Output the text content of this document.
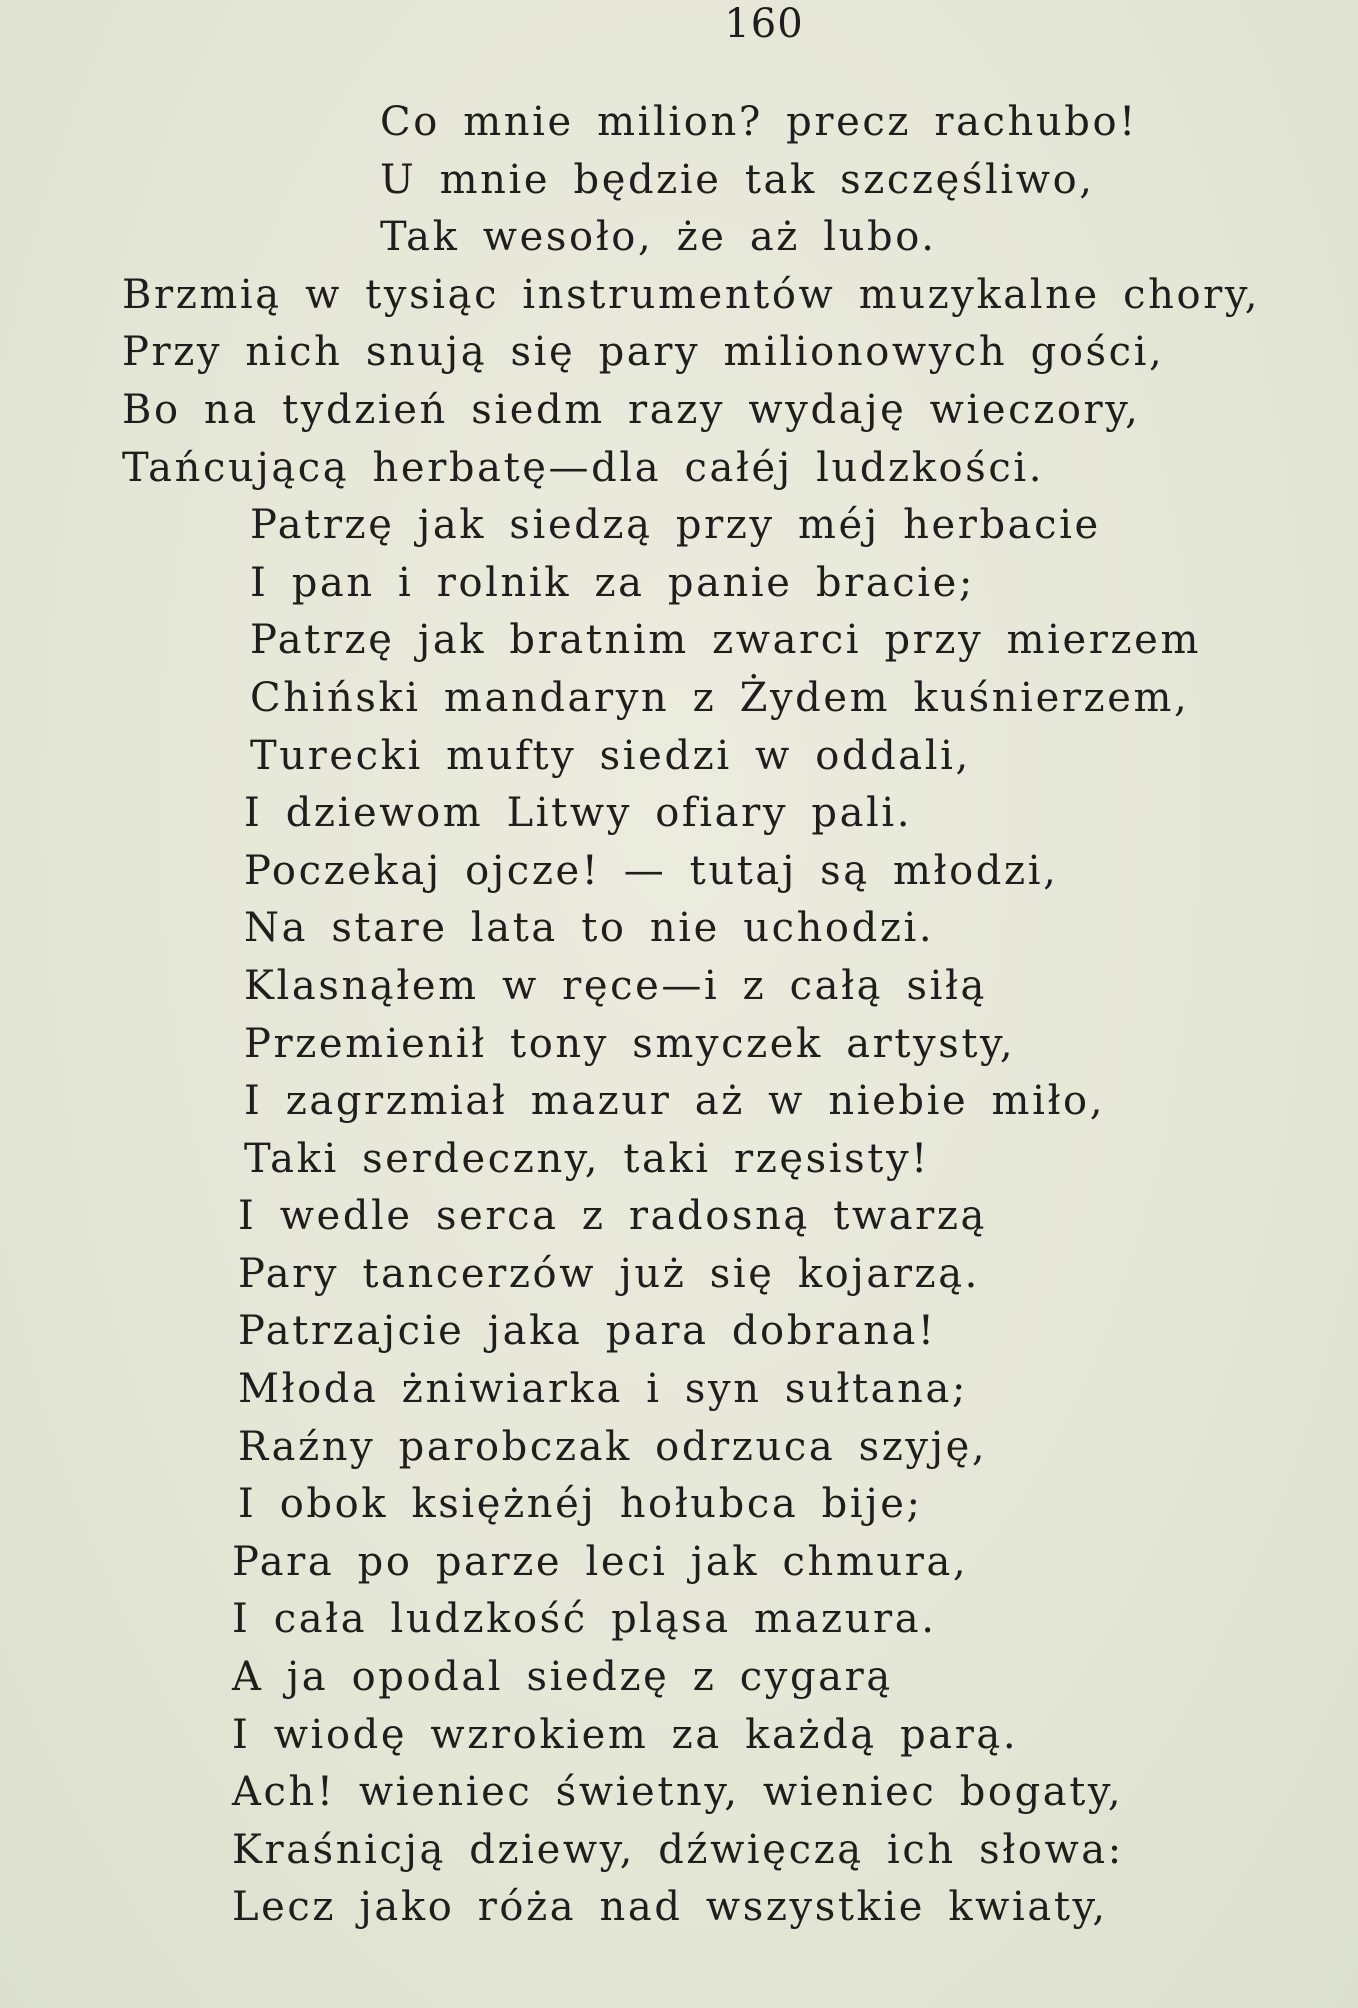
160
Co mnie milion? precz rachubo!
U mnie będzie tak szczęśliwo,
Tak wesoło, że aż lubo.
Brzmią w tysiąc instrumentów muzykalne chory,
Przy nich snują się pary milionowych gości,
Bo na tydzień siedm razy wydaję wieczory,
Tańcującą herbatę—dla całéj ludzkości.
Patrzę jak siedzą przy méj herbacie
I pan i rolnik za panie bracie;
Patrzę jak bratnim zwarci przy mierzem
Chiński mandaryn z Żydem kuśnierzem,
Turecki mufty siedzi w oddali,
I dziewom Litwy ofiary pali.
Poczekaj ojcze! — tutaj są młodzi,
Na stare lata to nie uchodzi.
Klasnąłem w ręce—i z całą siłą
Przemienił tony smyczek artysty,
I zagrzmiał mazur aż w niebie miło,
Taki serdeczny, taki rzęsisty!
I wedle serca z radosną twarzą
Pary tancerzów już się kojarzą.
Patrzajcie jaka para dobrana!
Młoda żniwiarka i syn sułtana;
Raźny parobczak odrzuca szyję,
I obok księżnéj hołubca bije;
Para po parze leci jak chmura,
I cała ludzkość pląsa mazura.
A ja opodal siedzę z cygarą
I wiodę wzrokiem za każdą parą.
Ach! wieniec świetny, wieniec bogaty,
Kraśnicją dziewy, dźwięczą ich słowa:
Lecz jako róża nad wszystkie kwiaty,
